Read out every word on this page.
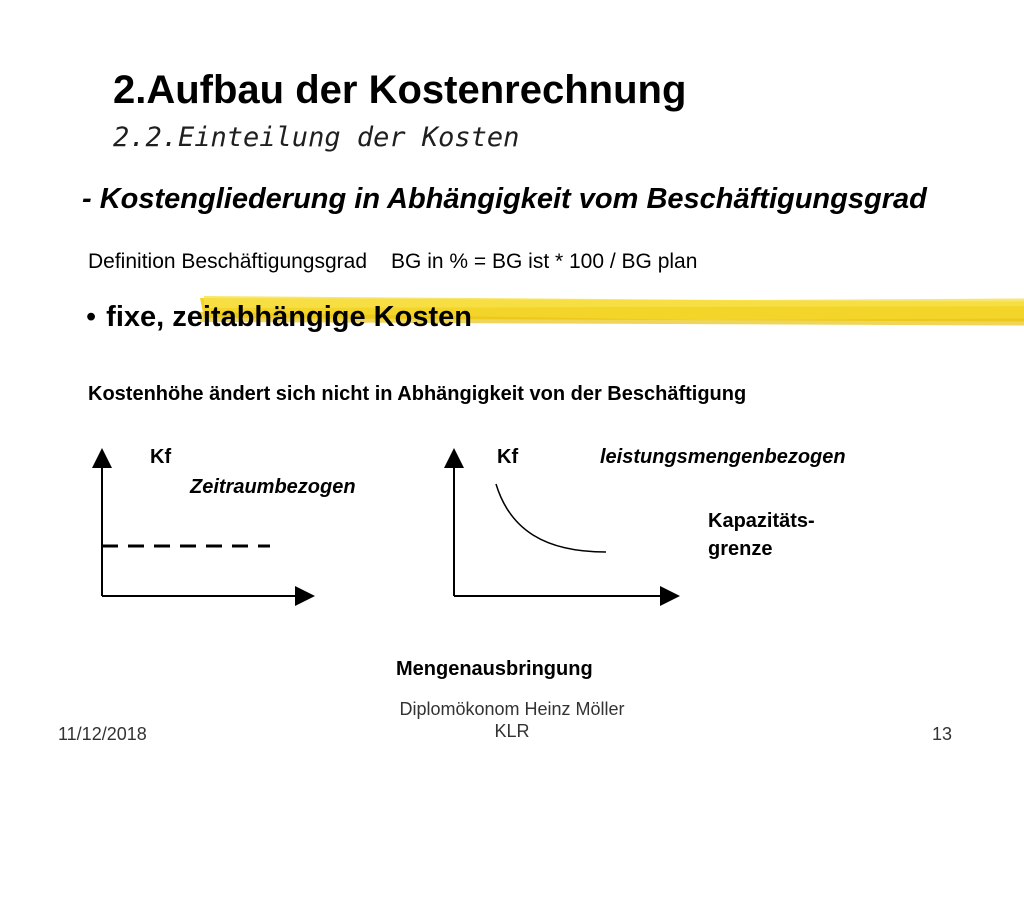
2.Aufbau der Kostenrechnung
2.2.Einteilung der Kosten
- Kostengliederung in Abhängigkeit vom Beschäftigungsgrad
Definition Beschäftigungsgrad BG in % = BG ist * 100 / BG plan
• fixe, zeitabhängige Kosten
Kostenhöhe ändert sich nicht in Abhängigkeit von der Beschäftigung
Kf
Zeitraumbezogen
Kf	leistungsmengenbezogen
Kapazitäts-
grenze
Mengenausbringung
11/12/2018
Diplomökonom Heinz Möller
KLR	13
